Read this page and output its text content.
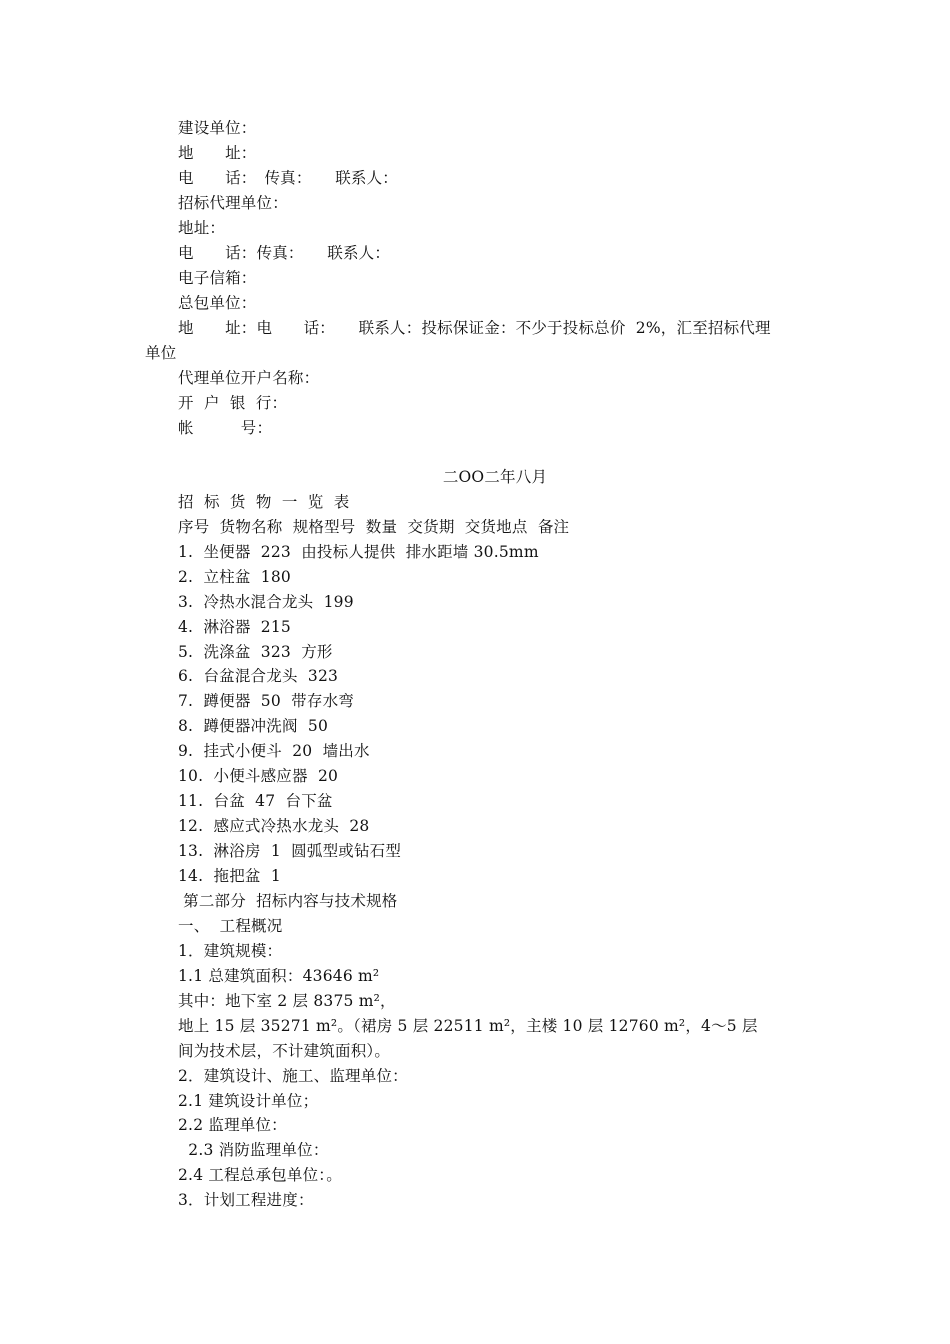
建设单位：
地　　址：
电　　话：　传真：　　联系人：
招标代理单位：
地址：
电　　话：传真：　　联系人：
电子信箱：
总包单位：
地　　址：电　　话：　　联系人：投标保证金：不少于投标总价  2%，汇至招标代理
单位
代理单位开户名称：
开  户  银  行：
帐　　　号：
二OO二年八月
招  标  货  物  一  览  表
序号  货物名称  规格型号  数量  交货期  交货地点  备注
1.  坐便器  223  由投标人提供  排水距墙 30.5mm
2.  立柱盆  180
3.  冷热水混合龙头  199
4.  淋浴器  215
5.  洗涤盆  323  方形
6.  台盆混合龙头  323
7.  蹲便器  50  带存水弯
8.  蹲便器冲洗阀  50
9.  挂式小便斗  20  墙出水
10.  小便斗感应器  20
11.  台盆  47  台下盆
12.  感应式冷热水龙头  28
13.  淋浴房  1  圆弧型或钻石型
14.  拖把盆  1
第二部分  招标内容与技术规格
一、  工程概况
1．建筑规模：
1.1 总建筑面积：43646 m²
其中：地下室 2 层 8375 m²，
地上 15 层 35271 m²。（裙房 5 层 22511 m²，主楼 10 层 12760 m²，4～5 层
间为技术层，不计建筑面积）。
2．建筑设计、施工、监理单位：
2.1 建筑设计单位；
2.2 监理单位：
2.3 消防监理单位：
2.4 工程总承包单位：。
3．计划工程进度：
